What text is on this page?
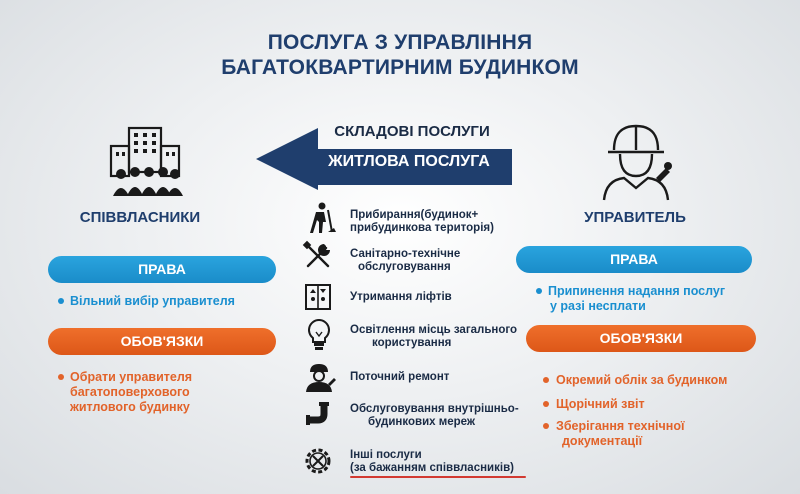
ПОСЛУГА З УПРАВЛІННЯ
БАГАТОКВАРТИРНИМ БУДИНКОМ
СКЛАДОВІ ПОСЛУГИ
ЖИТЛОВА ПОСЛУГА
СПІВВЛАСНИКИ
ПРАВА
Вільний вибір управителя
ОБОВ'ЯЗКИ
Обрати управителя
багатоповерхового
житлового будинку
УПРАВИТЕЛЬ
ПРАВА
Припинення надання послуг
у разі несплати
ОБОВ'ЯЗКИ
Окремий облік за будинком
Щорічний звіт
Зберігання технічної
документації
Прибирання(будинок+
прибудинкова територія)
Санітарно-технічне
обслуговування
Утримання ліфтів
Освітлення місць загального
користування
Поточний ремонт
Обслуговування внутрішньо-
будинкових мереж
Інші послуги
(за бажанням співвласників)
